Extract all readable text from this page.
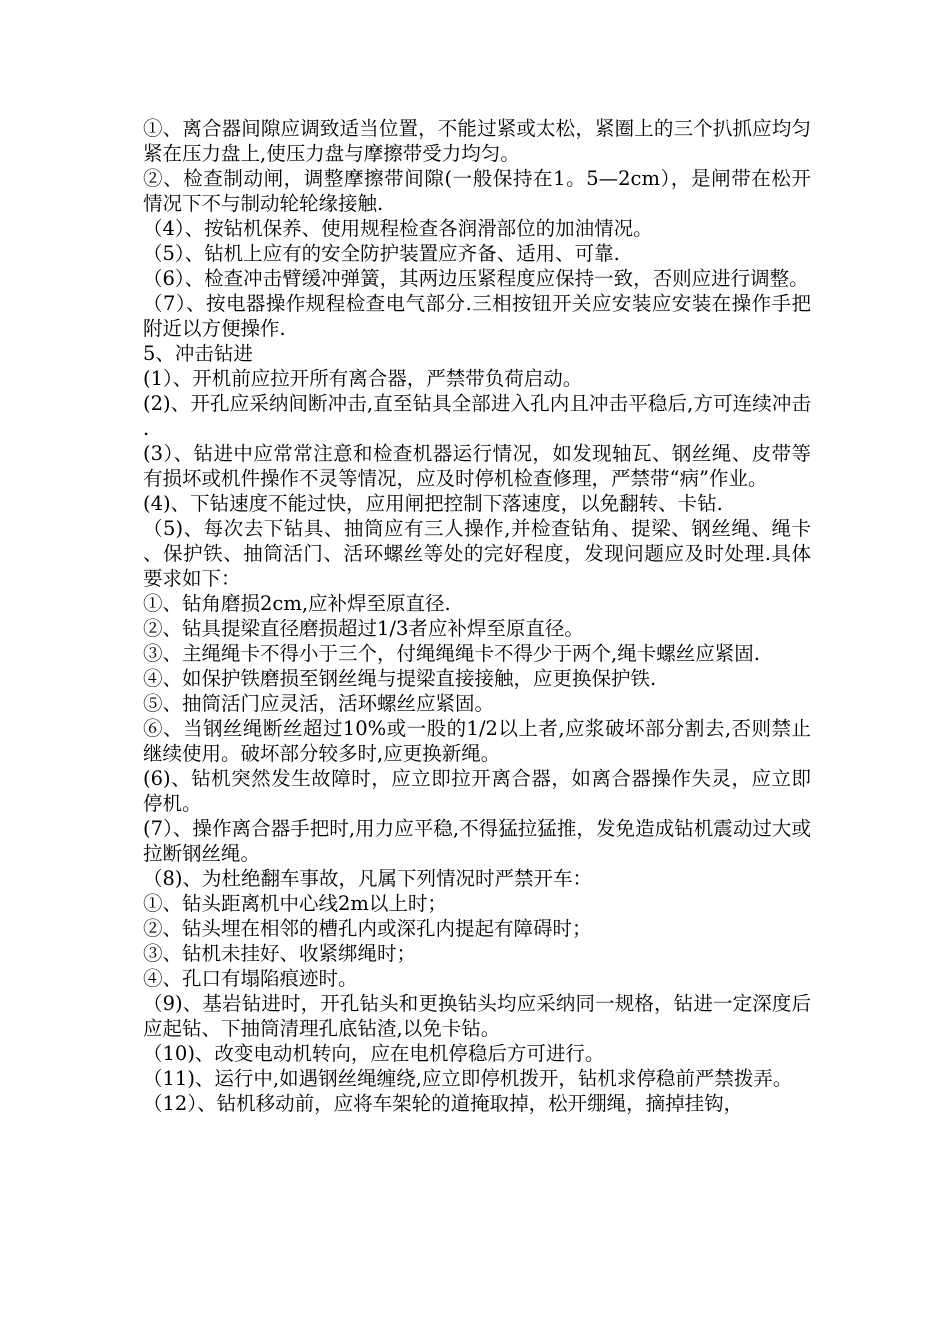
①、离合器间隙应调致适当位置，不能过紧或太松，紧圈上的三个扒抓应均匀紧在压力盘上,使压力盘与摩擦带受力均匀。

②、检查制动闸，调整摩擦带间隙(一般保持在1。5—2cm），是闸带在松开情况下不与制动轮轮缘接触.

（4）、按钻机保养、使用规程检查各润滑部位的加油情况。

（5）、钻机上应有的安全防护装置应齐备、适用、可靠.

（6）、检查冲击臂缓冲弹簧，其两边压紧程度应保持一致，否则应进行调整。

（7）、按电器操作规程检查电气部分.三相按钮开关应安装应安装在操作手把附近以方便操作.

5、冲击钻进

(1）、开机前应拉开所有离合器，严禁带负荷启动。

(2)、开孔应采纳间断冲击,直至钻具全部进入孔内且冲击平稳后,方可连续冲击.

(3）、钻进中应常常注意和检查机器运行情况，如发现轴瓦、钢丝绳、皮带等有损坏或机件操作不灵等情况，应及时停机检查修理，严禁带“病”作业。

(4)、下钻速度不能过快，应用闸把控制下落速度，以免翻转、卡钻.

（5)、每次去下钻具、抽筒应有三人操作,并检查钻角、提梁、钢丝绳、绳卡、保护铁、抽筒活门、活环螺丝等处的完好程度，发现问题应及时处理.具体要求如下：

①、钻角磨损2cm,应补焊至原直径.

②、钻具提梁直径磨损超过1/3者应补焊至原直径。

③、主绳绳卡不得小于三个，付绳绳绳卡不得少于两个,绳卡螺丝应紧固.

④、如保护铁磨损至钢丝绳与提梁直接接触，应更换保护铁.

⑤、抽筒活门应灵活，活环螺丝应紧固。

⑥、当钢丝绳断丝超过10%或一股的1/2以上者,应浆破坏部分割去,否则禁止继续使用。破坏部分较多时,应更换新绳。

(6)、钻机突然发生故障时，应立即拉开离合器，如离合器操作失灵，应立即停机。

(7）、操作离合器手把时,用力应平稳,不得猛拉猛推，发免造成钻机震动过大或拉断钢丝绳。

（8)、为杜绝翻车事故，凡属下列情况时严禁开车：

①、钻头距离机中心线2m以上时；

②、钻头埋在相邻的槽孔内或深孔内提起有障碍时；

③、钻机未挂好、收紧绑绳时；

④、孔口有塌陷痕迹时。

（9)、基岩钻进时，开孔钻头和更换钻头均应采纳同一规格，钻进一定深度后应起钻、下抽筒清理孔底钻渣,以免卡钻。

（10)、改变电动机转向，应在电机停稳后方可进行。

（11)、运行中,如遇钢丝绳缠绕,应立即停机拨开，钻机求停稳前严禁拨弄。

（12）、钻机移动前，应将车架轮的道掩取掉，松开绷绳，摘掉挂钩，
